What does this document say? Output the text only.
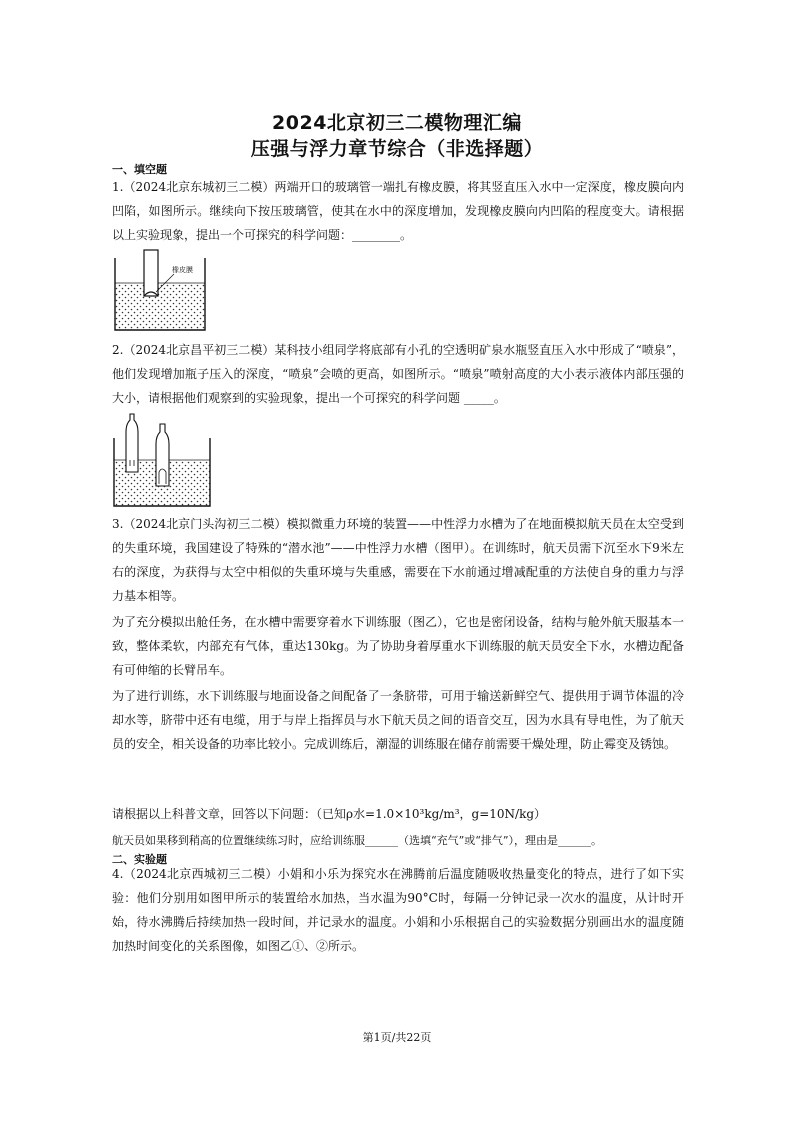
2024北京初三二模物理汇编
压强与浮力章节综合（非选择题）
一、填空题
1.（2024北京东城初三二模）两端开口的玻璃管一端扎有橡皮膜，将其竖直压入水中一定深度，橡皮膜向内凹陷，如图所示。继续向下按压玻璃管，使其在水中的深度增加，发现橡皮膜向内凹陷的程度变大。请根据以上实验现象，提出一个可探究的科学问题：________。
橡皮膜
2.（2024北京昌平初三二模）某科技小组同学将底部有小孔的空透明矿泉水瓶竖直压入水中形成了“喷泉”，他们发现增加瓶子压入的深度，“喷泉”会喷的更高，如图所示。“喷泉”喷射高度的大小表示液体内部压强的大小，请根据他们观察到的实验现象，提出一个可探究的科学问题 _____。
3.（2024北京门头沟初三二模）模拟微重力环境的装置——中性浮力水槽为了在地面模拟航天员在太空受到的失重环境，我国建设了特殊的“潜水池”——中性浮力水槽（图甲）。在训练时，航天员需下沉至水下9米左右的深度，为获得与太空中相似的失重环境与失重感，需要在下水前通过增减配重的方法使自身的重力与浮力基本相等。
为了充分模拟出舱任务，在水槽中需要穿着水下训练服（图乙），它也是密闭设备，结构与舱外航天服基本一致，整体柔软，内部充有气体，重达130kg。为了协助身着厚重水下训练服的航天员安全下水，水槽边配备有可伸缩的长臂吊车。
为了进行训练，水下训练服与地面设备之间配备了一条脐带，可用于输送新鲜空气、提供用于调节体温的冷却水等，脐带中还有电缆，用于与岸上指挥员与水下航天员之间的语音交互，因为水具有导电性，为了航天员的安全，相关设备的功率比较小。完成训练后，潮湿的训练服在储存前需要干燥处理，防止霉变及锈蚀。
请根据以上科普文章，回答以下问题：（已知ρ水=1.0×10³kg/m³，g=10N/kg）
航天员如果移到稍高的位置继续练习时，应给训练服______（选填“充气”或“排气”），理由是______。
二、实验题
4.（2024北京西城初三二模）小娟和小乐为探究水在沸腾前后温度随吸收热量变化的特点，进行了如下实验：他们分别用如图甲所示的装置给水加热，当水温为90°C时，每隔一分钟记录一次水的温度，从计时开始，待水沸腾后持续加热一段时间，并记录水的温度。小娟和小乐根据自己的实验数据分别画出水的温度随加热时间变化的关系图像，如图乙①、②所示。
第1页/共22页
